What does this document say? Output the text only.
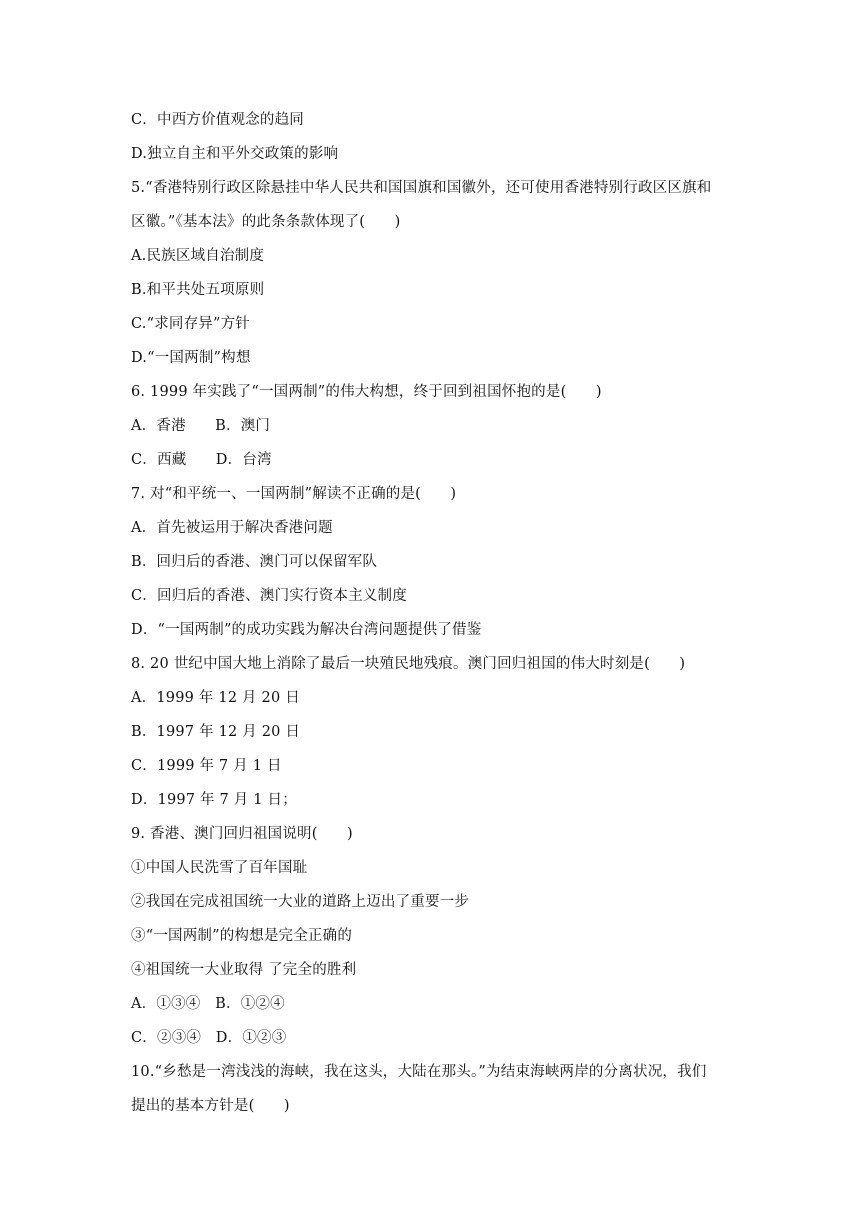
C．中西方价值观念的趋同
D.独立自主和平外交政策的影响
5.“香港特别行政区除悬挂中华人民共和国国旗和国徽外，还可使用香港特别行政区区旗和
区徽。”《基本法》的此条条款体现了(　　)
A.民族区域自治制度
B.和平共处五项原则
C.“求同存异”方针
D.“一国两制”构想
6. 1999 年实践了“一国两制”的伟大构想，终于回到祖国怀抱的是(　　)
A．香港　　B．澳门
C．西藏　　D．台湾
7. 对“和平统一、一国两制”解读不正确的是(　　)
A．首先被运用于解决香港问题
B．回归后的香港、澳门可以保留军队
C．回归后的香港、澳门实行资本主义制度
D．“一国两制”的成功实践为解决台湾问题提供了借鉴
8. 20 世纪中国大地上消除了最后一块殖民地残痕。澳门回归祖国的伟大时刻是(　　)
A．1999 年 12 月 20 日
B．1997 年 12 月 20 日
C．1999 年 7 月 1 日
D．1997 年 7 月 1 日；
9. 香港、澳门回归祖国说明(　　)
①中国人民洗雪了百年国耻
②我国在完成祖国统一大业的道路上迈出了重要一步
③“一国两制”的构想是完全正确的
④祖国统一大业取得 了完全的胜利
A．①③④　B．①②④
C．②③④　D．①②③
10.“乡愁是一湾浅浅的海峡，我在这头，大陆在那头。”为结束海峡两岸的分离状况，我们
提出的基本方针是(　　)
